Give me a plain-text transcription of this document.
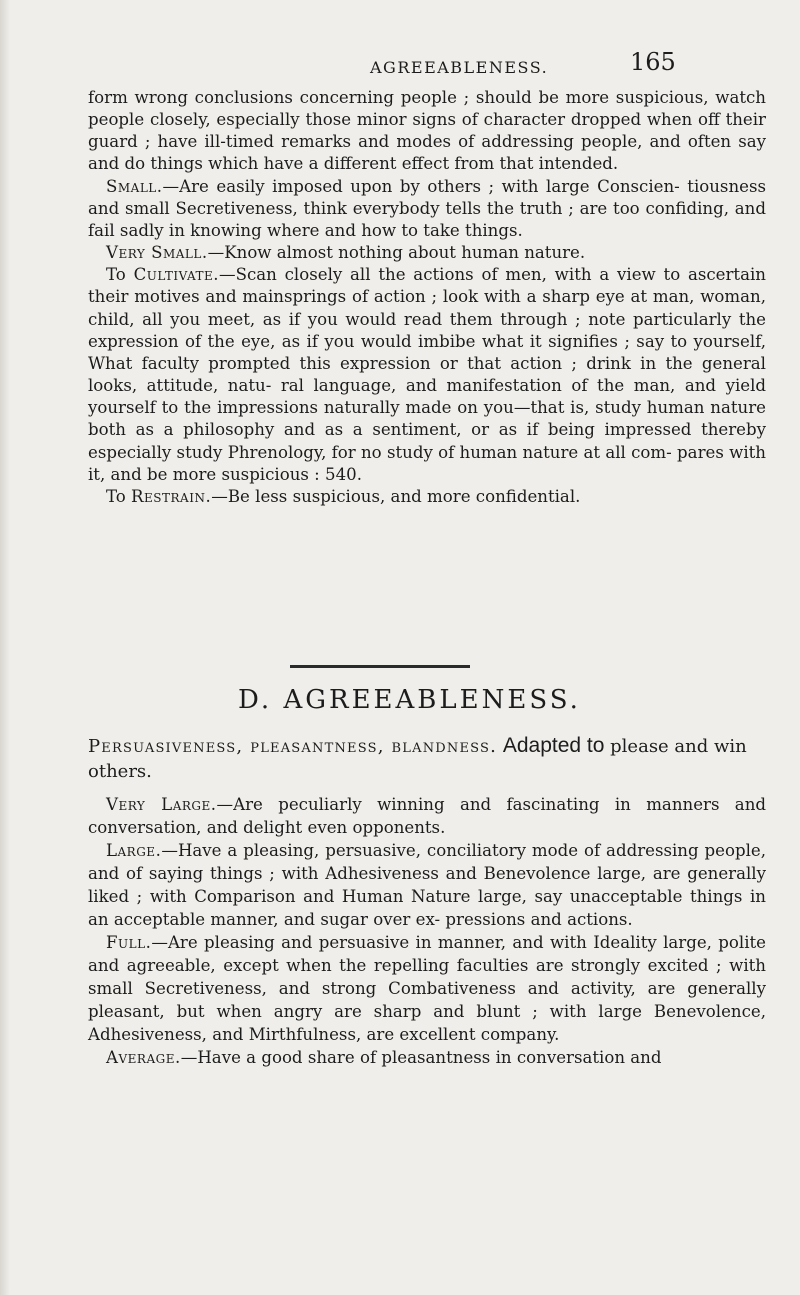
AGREEABLENESS.	165

form wrong conclusions concerning people ; should be more suspicious, watch people closely, especially those minor signs of character dropped when off their guard ; have ill-timed remarks and modes of addressing people, and often say and do things which have a different effect from that intended.

Small.—Are easily imposed upon by others ; with large Conscien- tiousness and small Secretiveness, think everybody tells the truth ; are too confiding, and fail sadly in knowing where and how to take things.

Very Small.—Know almost nothing about human nature.

To Cultivate.—Scan closely all the actions of men, with a view to ascertain their motives and mainsprings of action ; look with a sharp eye at man, woman, child, all you meet, as if you would read them through ; note particularly the expression of the eye, as if you would imbibe what it signifies ; say to yourself, What faculty prompted this expression or that action ; drink in the general looks, attitude, natu- ral language, and manifestation of the man, and yield yourself to the impressions naturally made on you—that is, study human nature both as a philosophy and as a sentiment, or as if being impressed thereby especially study Phrenology, for no study of human nature at all com- pares with it, and be more suspicious : 540.

To Restrain.—Be less suspicious, and more confidential.

D. AGREEABLENESS.
Persuasiveness, pleasantness, blandness. Adapted to please and win others.

Very Large.—Are peculiarly winning and fascinating in manners and conversation, and delight even opponents.

Large.—Have a pleasing, persuasive, conciliatory mode of addressing people, and of saying things ; with Adhesiveness and Benevolence large, are generally liked ; with Comparison and Human Nature large, say unacceptable things in an acceptable manner, and sugar over ex- pressions and actions.

Full.—Are pleasing and persuasive in manner, and with Ideality large, polite and agreeable, except when the repelling faculties are strongly excited ; with small Secretiveness, and strong Combativeness and activity, are generally pleasant, but when angry are sharp and blunt ; with large Benevolence, Adhesiveness, and Mirthfulness, are excellent company.

Average.—Have a good share of pleasantness in conversation and
